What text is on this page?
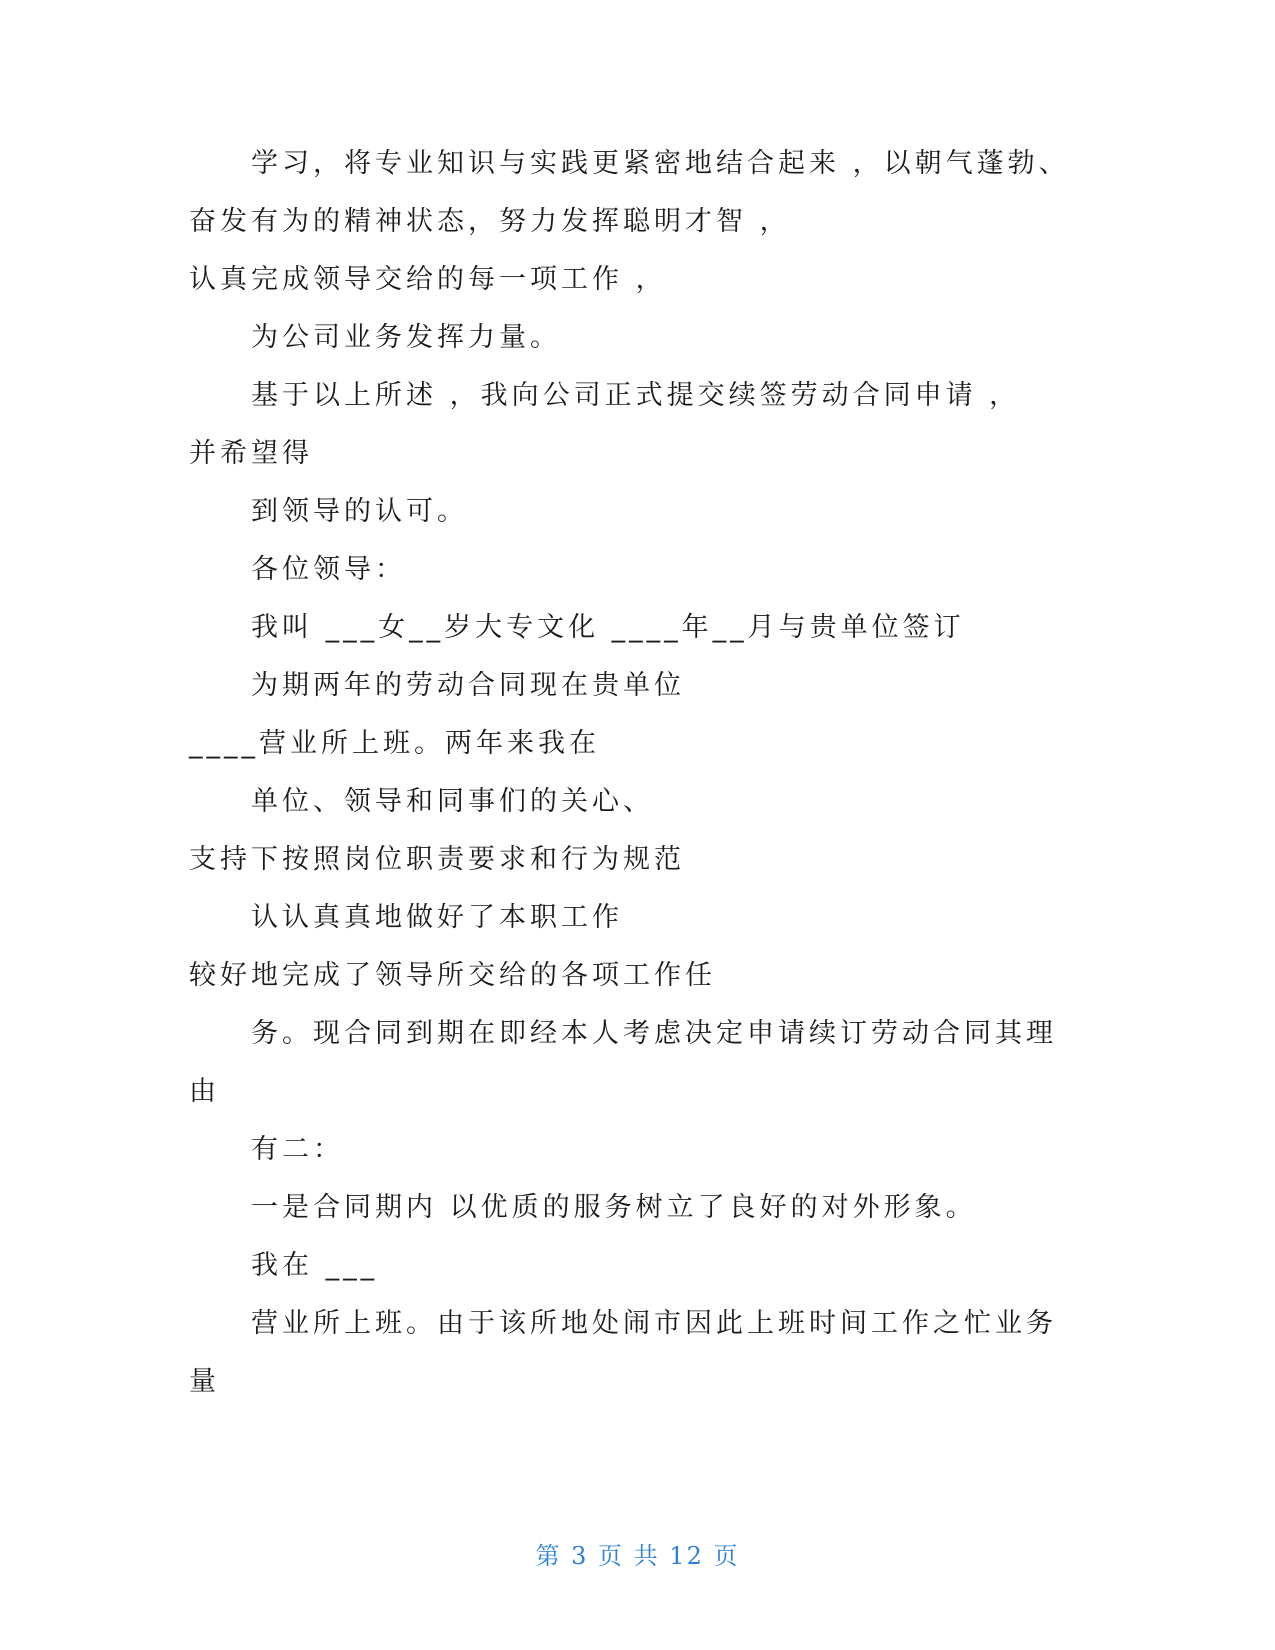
学习，将专业知识与实践更紧密地结合起来 ，以朝气蓬勃、
奋发有为的精神状态，努力发挥聪明才智 ，
认真完成领导交给的每一项工作 ，
为公司业务发挥力量。
基于以上所述 ，我向公司正式提交续签劳动合同申请 ，
并希望得
到领导的认可。
各位领导：
我叫 ___女__岁大专文化 ____年__月与贵单位签订
为期两年的劳动合同现在贵单位
____营业所上班。两年来我在
单位、领导和同事们的关心、
支持下按照岗位职责要求和行为规范
认认真真地做好了本职工作
较好地完成了领导所交给的各项工作任
务。现合同到期在即经本人考虑决定申请续订劳动合同其理
由
有二：
一是合同期内 以优质的服务树立了良好的对外形象。
我在 ___
营业所上班。由于该所地处闹市因此上班时间工作之忙业务
量
第 3 页 共 12 页
